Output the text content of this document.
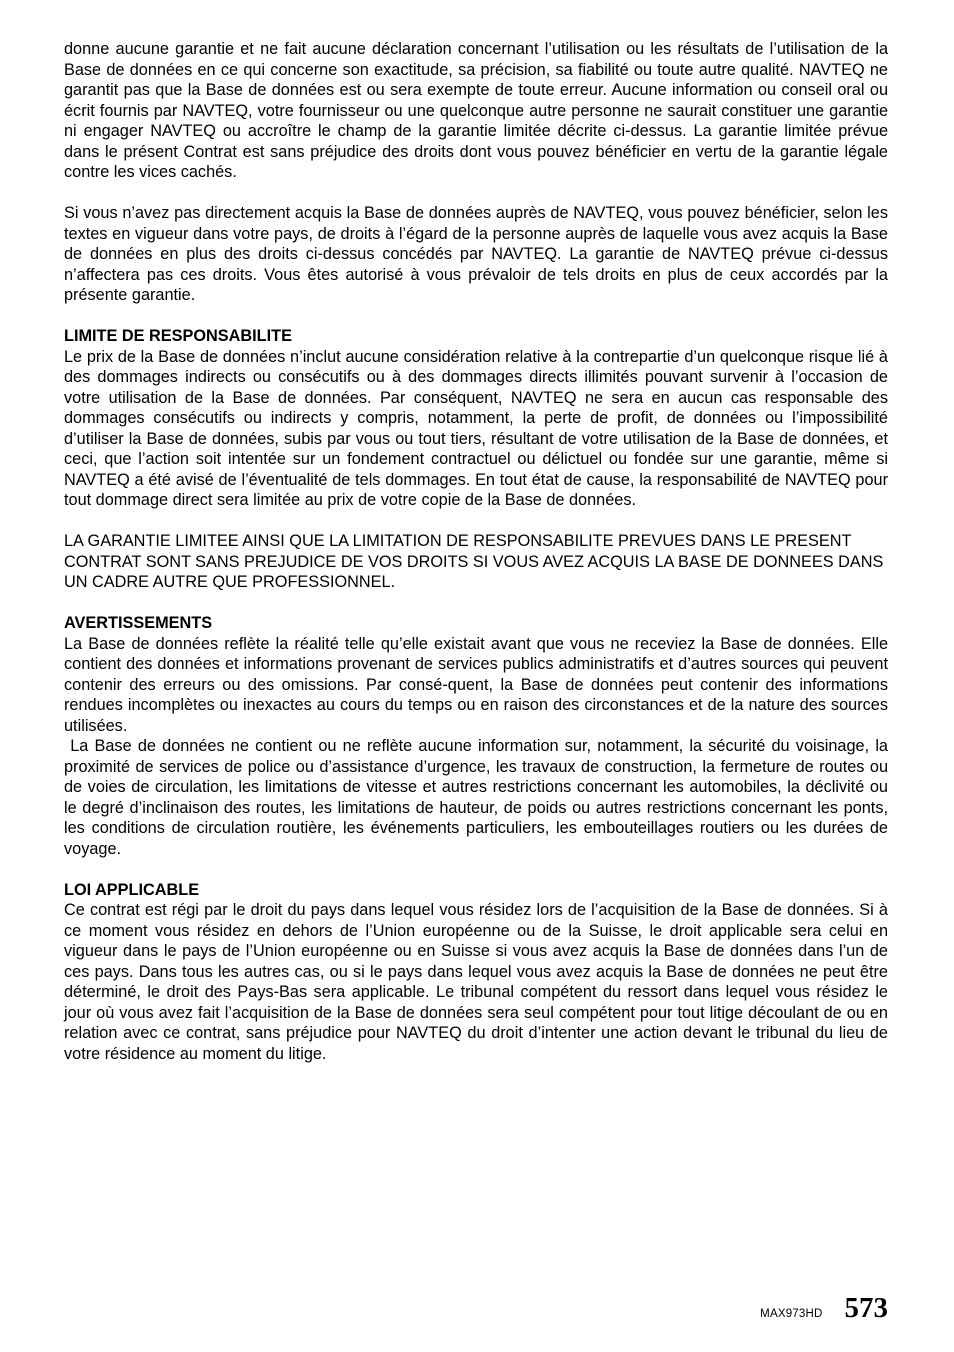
donne aucune garantie et ne fait aucune déclaration concernant l’utilisation ou les résultats de l’utilisation de la Base de données en ce qui concerne son exactitude, sa précision, sa fiabilité ou toute autre qualité. NAVTEQ ne garantit pas que la Base de données est ou sera exempte de toute erreur. Aucune information ou conseil oral ou écrit fournis par NAVTEQ, votre fournisseur ou une quelconque autre personne ne saurait constituer une garantie ni engager NAVTEQ ou accroître le champ de la garantie limitée décrite ci-dessus. La garantie limitée prévue dans le présent Contrat est sans préjudice des droits dont vous pouvez bénéficier en vertu de la garantie légale contre les vices cachés.

Si vous n’avez pas directement acquis la Base de données auprès de NAVTEQ, vous pouvez bénéficier, selon les textes en vigueur dans votre pays, de droits à l’égard de la personne auprès de laquelle vous avez acquis la Base de données en plus des droits ci-dessus concédés par NAVTEQ. La garantie de NAVTEQ prévue ci-dessus n’affectera pas ces droits. Vous êtes autorisé à vous prévaloir de tels droits en plus de ceux accordés par la présente garantie.

LIMITE DE RESPONSABILITE

Le prix de la Base de données n’inclut aucune considération relative à la contrepartie d’un quelconque risque lié à des dommages indirects ou consécutifs ou à des dommages directs illimités pouvant survenir à l’occasion de votre utilisation de la Base de données. Par conséquent, NAVTEQ ne sera en aucun cas responsable des dommages consécutifs ou indirects y compris, notamment, la perte de profit, de données ou l’impossibilité d’utiliser la Base de données, subis par vous ou tout tiers, résultant de votre utilisation de la Base de données, et ceci, que l’action soit intentée sur un fondement contractuel ou délictuel ou fondée sur une garantie, même si NAVTEQ a été avisé de l’éventualité de tels dommages. En tout état de cause, la responsabilité de NAVTEQ pour tout dommage direct sera limitée au prix de votre copie de la Base de données.

LA GARANTIE LIMITEE AINSI QUE LA LIMITATION DE RESPONSABILITE PREVUES DANS LE PRESENT CONTRAT SONT SANS PREJUDICE DE VOS DROITS SI VOUS AVEZ ACQUIS LA BASE DE DONNEES DANS UN CADRE AUTRE QUE PROFESSIONNEL.

AVERTISSEMENTS

La Base de données reflète la réalité telle qu’elle existait avant que vous ne receviez la Base de données. Elle contient des données et informations provenant de services publics administratifs et d’autres sources qui peuvent contenir des erreurs ou des omissions. Par consé-quent, la Base de données peut contenir des informations rendues incomplètes ou inexactes au cours du temps ou en raison des circonstances et de la nature des sources utilisées.

La Base de données ne contient ou ne reflète aucune information sur, notamment, la sécurité du voisinage, la proximité de services de police ou d’assistance d’urgence, les travaux de construction, la fermeture de routes ou de voies de circulation, les limitations de vitesse et autres restrictions concernant les automobiles, la déclivité ou le degré d’inclinaison des routes, les limitations de hauteur, de poids ou autres restrictions concernant les ponts, les conditions de circulation routière, les événements particuliers, les embouteillages routiers ou les durées de voyage.

LOI APPLICABLE

Ce contrat est régi par le droit du pays dans lequel vous résidez lors de l’acquisition de la Base de données. Si à ce moment vous résidez en dehors de l’Union européenne ou de la Suisse, le droit applicable sera celui en vigueur dans le pays de l’Union européenne ou en Suisse si vous avez acquis la Base de données dans l’un de ces pays. Dans tous les autres cas, ou si le pays dans lequel vous avez acquis la Base de données ne peut être déterminé, le droit des Pays-Bas sera applicable. Le tribunal compétent du ressort dans lequel vous résidez le jour où vous avez fait l’acquisition de la Base de données sera seul compétent pour tout litige découlant de ou en relation avec ce contrat, sans préjudice pour NAVTEQ du droit d’intenter une action devant le tribunal du lieu de votre résidence au moment du litige.

MAX973HD 573
